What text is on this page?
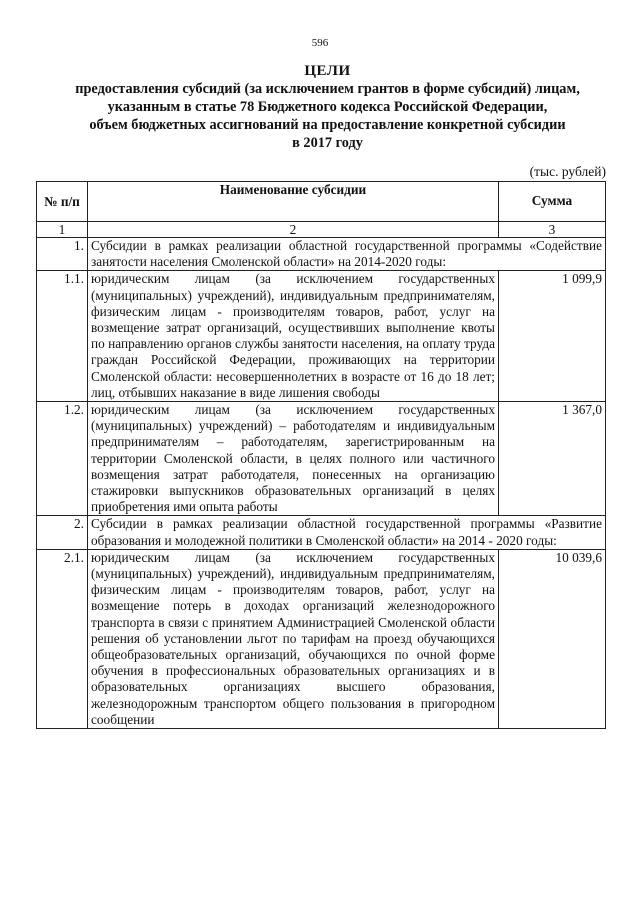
596
ЦЕЛИ
предоставления субсидий (за исключением грантов в форме субсидий) лицам,
указанным в статье 78 Бюджетного кодекса Российской Федерации,
объем бюджетных ассигнований на предоставление конкретной субсидии
в 2017 году
(тыс. рублей)
№ п/п	Наименование субсидии	Сумма
1	2	3
1.	Субсидии в рамках реализации областной государственной программы «Содействие занятости населения Смоленской области» на 2014-2020 годы:	
1.1.	юридическим лицам (за исключением государственных (муниципальных) учреждений), индивидуальным предпринимателям, физическим лицам - производителям товаров, работ, услуг на возмещение затрат организаций, осуществивших выполнение квоты по направлению органов службы занятости населения, на оплату труда граждан Российской Федерации, проживающих на территории Смоленской области: несовершеннолетних в возрасте от 16 до 18 лет; лиц, отбывших наказание в виде лишения свободы	1 099,9
1.2.	юридическим лицам (за исключением государственных (муниципальных) учреждений) – работодателям и индивидуальным предпринимателям – работодателям, зарегистрированным на территории Смоленской области, в целях полного или частичного возмещения затрат работодателя, понесенных на организацию стажировки выпускников образовательных организаций в целях приобретения ими опыта работы	1 367,0
2.	Субсидии в рамках реализации областной государственной программы «Развитие образования и молодежной политики в Смоленской области» на 2014 - 2020 годы:	
2.1.	юридическим лицам (за исключением государственных (муниципальных) учреждений), индивидуальным предпринимателям, физическим лицам - производителям товаров, работ, услуг на возмещение потерь в доходах организаций железнодорожного транспорта в связи с принятием Администрацией Смоленской области решения об установлении льгот по тарифам на проезд обучающихся общеобразовательных организаций, обучающихся по очной форме обучения в профессиональных образовательных организациях и в образовательных организациях высшего образования, железнодорожным транспортом общего пользования в пригородном сообщении	10 039,6
